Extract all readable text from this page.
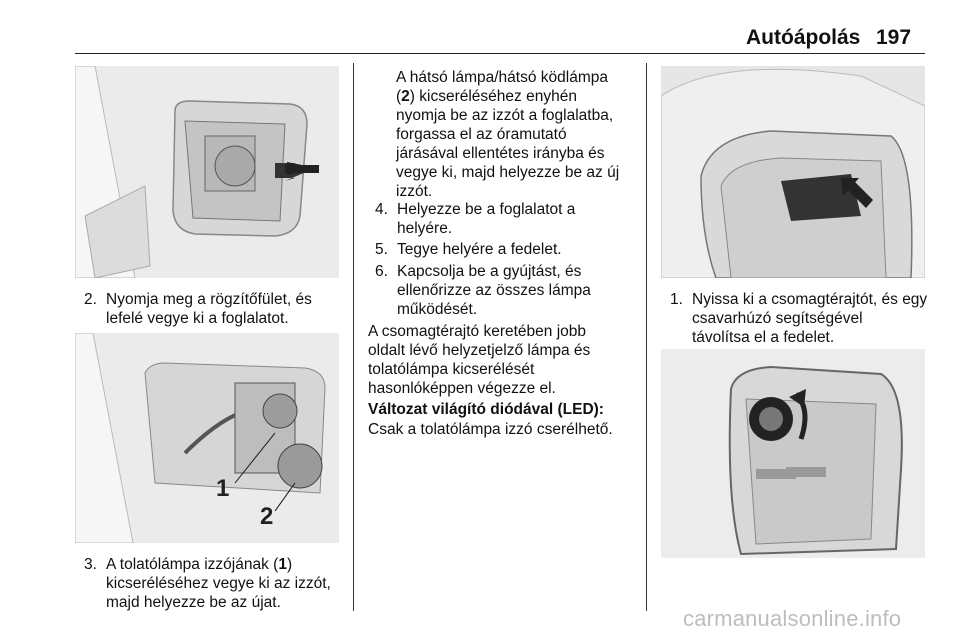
Autóápolás 197
2. Nyomja meg a rögzítőfület, és
lefelé vegye ki a foglalatot.
1
2
3. A tolatólámpa izzójának (1)
kicseréléséhez vegye ki az izzót,
majd helyezze be az újat.
A hátsó lámpa/hátsó ködlámpa
(2) kicseréléséhez enyhén
nyomja be az izzót a foglalatba,
forgassa el az óramutató
járásával ellentétes irányba és
vegye ki, majd helyezze be az új
izzót.
4. Helyezze be a foglalatot a
helyére.
5. Tegye helyére a fedelet.
6. Kapcsolja be a gyújtást, és
ellenőrizze az összes lámpa
működését.
A csomagtérajtó keretében jobb
oldalt lévő helyzetjelző lámpa és
tolatólámpa kicserélését
hasonlóképpen végezze el.
Változat világító diódával (LED):
Csak a tolatólámpa izzó cserélhető.
1. Nyissa ki a csomagtérajtót, és egy
csavarhúzó segítségével
távolítsa el a fedelet.
carmanualsonline.info
